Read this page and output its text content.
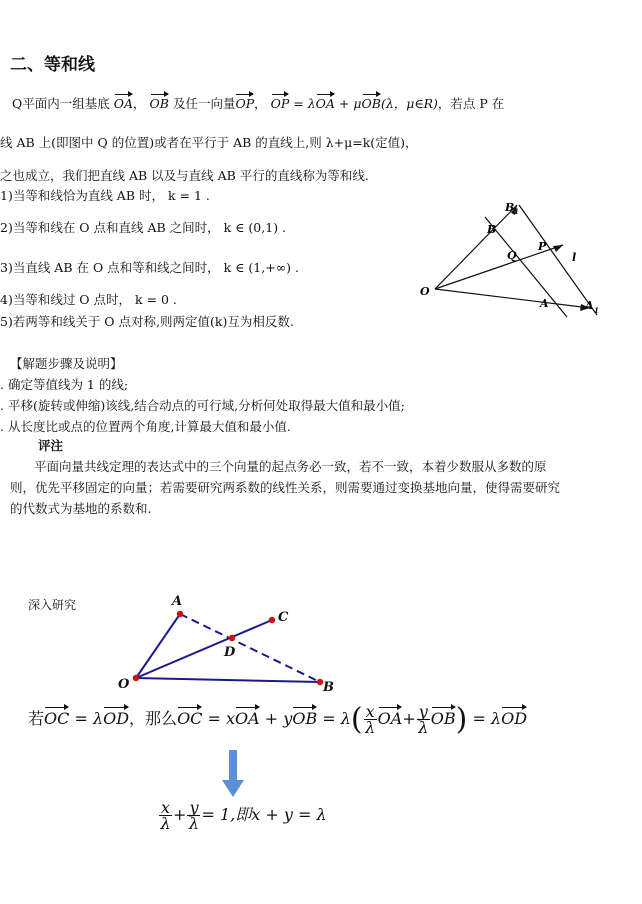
二、等和线
Q平面内一组基底 OA， OB 及任一向量OP， OP = λOA + μOB(λ，μ∈R)，若点 P 在
线 AB 上(即图中 Q 的位置)或者在平行于 AB 的直线上,则 λ+μ=k(定值)，
之也成立，我们把直线 AB 以及与直线 AB 平行的直线称为等和线.
1)当等和线恰为直线 AB 时， k = 1 .
2)当等和线在 O 点和直线 AB 之间时， k ∈ (0,1) .
3)当直线 AB 在 O 点和等和线之间时， k ∈ (1,+∞) .
4)当等和线过 O 点时， k = 0 .
5)若两等和线关于 O 点对称,则两定值(k)互为相反数.
O
B 1
B
Q
P
l
A	A 1
【解题步骤及说明】
. 确定等值线为 1 的线;
. 平移(旋转或伸缩)该线,结合动点的可行域,分析何处取得最大值和最小值;
. 从长度比或点的位置两个角度,计算最大值和最小值.
评注
平面向量共线定理的表达式中的三个向量的起点务必一致，若不一致，本着少数服从多数的原则，优先平移固定的向量；若需要研究两系数的线性关系，则需要通过变换基地向量，使得需要研究的代数式为基地的系数和.
深入研究	A
C
D
O	B
若OC = λOD，那么OC = xOA + yOB = $\lambda( \frac{x}{\lambda} OA+ \frac{y}{\lambda} OB) = \lambda OD$
$\frac{x}{\lambda} + \frac{y}{\lambda} = 1$,即x + y = λ
